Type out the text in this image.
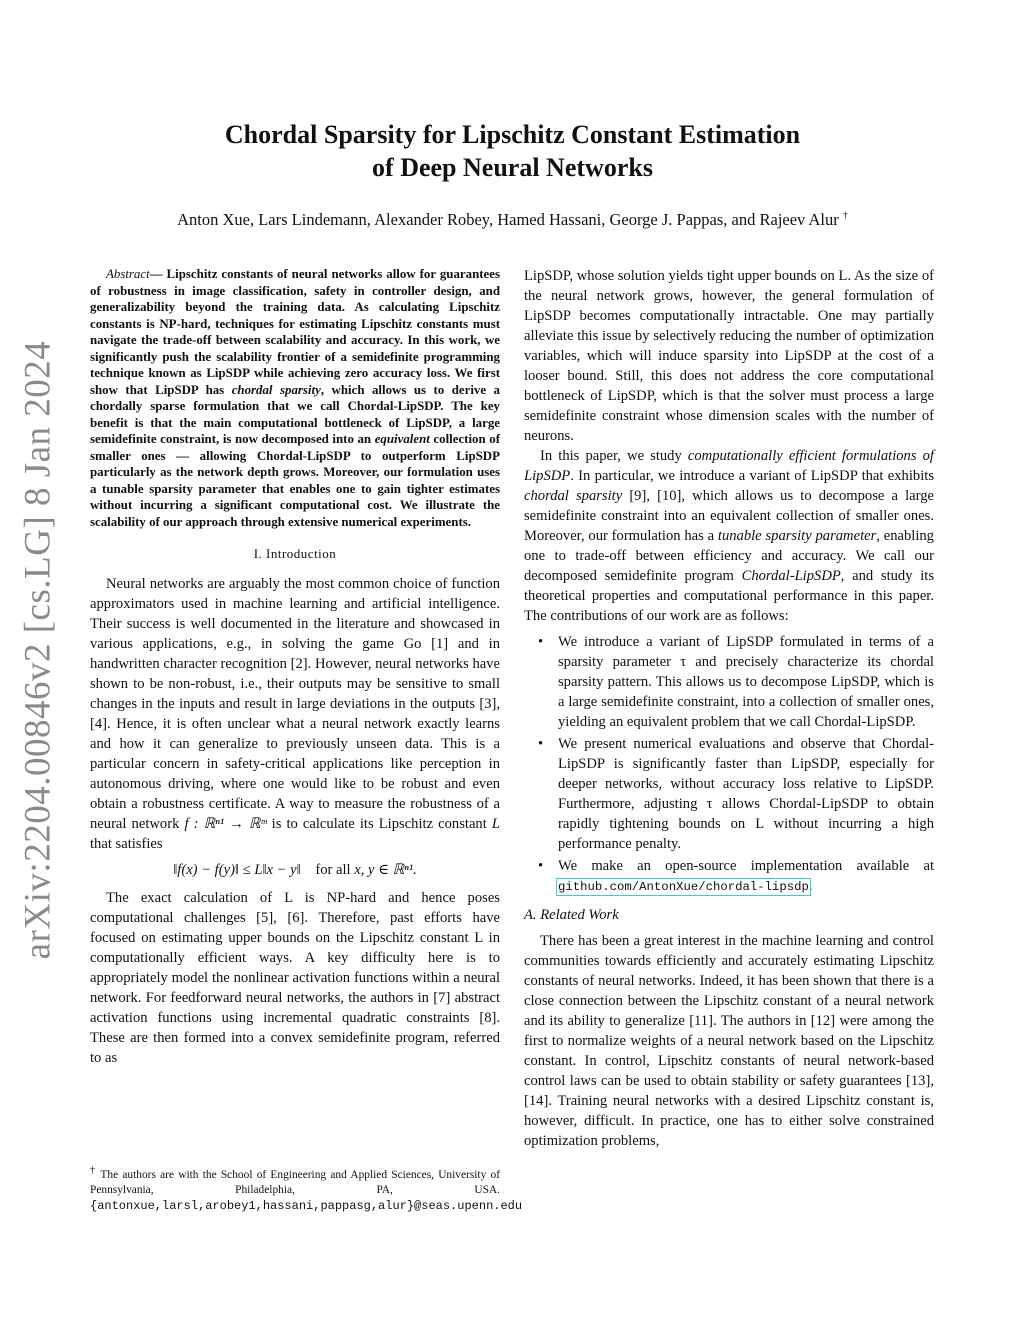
arXiv:2204.00846v2 [cs.LG] 8 Jan 2024
Chordal Sparsity for Lipschitz Constant Estimation
of Deep Neural Networks
Anton Xue, Lars Lindemann, Alexander Robey, Hamed Hassani, George J. Pappas, and Rajeev Alur †

Abstract— Lipschitz constants of neural networks allow for guarantees of robustness in image classification, safety in controller design, and generalizability beyond the training data. As calculating Lipschitz constants is NP-hard, techniques for estimating Lipschitz constants must navigate the trade-off between scalability and accuracy. In this work, we significantly push the scalability frontier of a semidefinite programming technique known as LipSDP while achieving zero accuracy loss. We first show that LipSDP has chordal sparsity, which allows us to derive a chordally sparse formulation that we call Chordal-LipSDP. The key benefit is that the main computational bottleneck of LipSDP, a large semidefinite constraint, is now decomposed into an equivalent collection of smaller ones — allowing Chordal-LipSDP to outperform LipSDP particularly as the network depth grows. Moreover, our formulation uses a tunable sparsity parameter that enables one to gain tighter estimates without incurring a significant computational cost. We illustrate the scalability of our approach through extensive numerical experiments.

I. Introduction

Neural networks are arguably the most common choice of function approximators used in machine learning and artificial intelligence. Their success is well documented in the literature and showcased in various applications, e.g., in solving the game Go [1] and in handwritten character recognition [2]. However, neural networks have shown to be non-robust, i.e., their outputs may be sensitive to small changes in the inputs and result in large deviations in the outputs [3], [4]. Hence, it is often unclear what a neural network exactly learns and how it can generalize to previously unseen data. This is a particular concern in safety-critical applications like perception in autonomous driving, where one would like to be robust and even obtain a robustness certificate. A way to measure the robustness of a neural network f : ℝⁿ¹ → ℝᵐ is to calculate its Lipschitz constant L that satisfies

‖f(x) − f(y)‖ ≤ L‖x − y‖ for all x, y ∈ ℝⁿ¹.

The exact calculation of L is NP-hard and hence poses computational challenges [5], [6]. Therefore, past efforts have focused on estimating upper bounds on the Lipschitz constant L in computationally efficient ways. A key difficulty here is to appropriately model the nonlinear activation functions within a neural network. For feedforward neural networks, the authors in [7] abstract activation functions using incremental quadratic constraints [8]. These are then formed into a convex semidefinite program, referred to as

† The authors are with the School of Engineering and Applied Sciences, University of Pennsylvania, Philadelphia, PA, USA. {antonxue,larsl,arobey1,hassani,pappasg,alur}@seas.upenn.edu

LipSDP, whose solution yields tight upper bounds on L. As the size of the neural network grows, however, the general formulation of LipSDP becomes computationally intractable. One may partially alleviate this issue by selectively reducing the number of optimization variables, which will induce sparsity into LipSDP at the cost of a looser bound. Still, this does not address the core computational bottleneck of LipSDP, which is that the solver must process a large semidefinite constraint whose dimension scales with the number of neurons.

In this paper, we study computationally efficient formulations of LipSDP. In particular, we introduce a variant of LipSDP that exhibits chordal sparsity [9], [10], which allows us to decompose a large semidefinite constraint into an equivalent collection of smaller ones. Moreover, our formulation has a tunable sparsity parameter, enabling one to trade-off between efficiency and accuracy. We call our decomposed semidefinite program Chordal-LipSDP, and study its theoretical properties and computational performance in this paper. The contributions of our work are as follows:

• We introduce a variant of LipSDP formulated in terms of a sparsity parameter τ and precisely characterize its chordal sparsity pattern. This allows us to decompose LipSDP, which is a large semidefinite constraint, into a collection of smaller ones, yielding an equivalent problem that we call Chordal-LipSDP.
• We present numerical evaluations and observe that Chordal-LipSDP is significantly faster than LipSDP, especially for deeper networks, without accuracy loss relative to LipSDP. Furthermore, adjusting τ allows Chordal-LipSDP to obtain rapidly tightening bounds on L without incurring a high performance penalty.
• We make an open-source implementation available at github.com/AntonXue/chordal-lipsdp.
A. Related Work

There has been a great interest in the machine learning and control communities towards efficiently and accurately estimating Lipschitz constants of neural networks. Indeed, it has been shown that there is a close connection between the Lipschitz constant of a neural network and its ability to generalize [11]. The authors in [12] were among the first to normalize weights of a neural network based on the Lipschitz constant. In control, Lipschitz constants of neural network-based control laws can be used to obtain stability or safety guarantees [13], [14]. Training neural networks with a desired Lipschitz constant is, however, difficult. In practice, one has to either solve constrained optimization problems,
